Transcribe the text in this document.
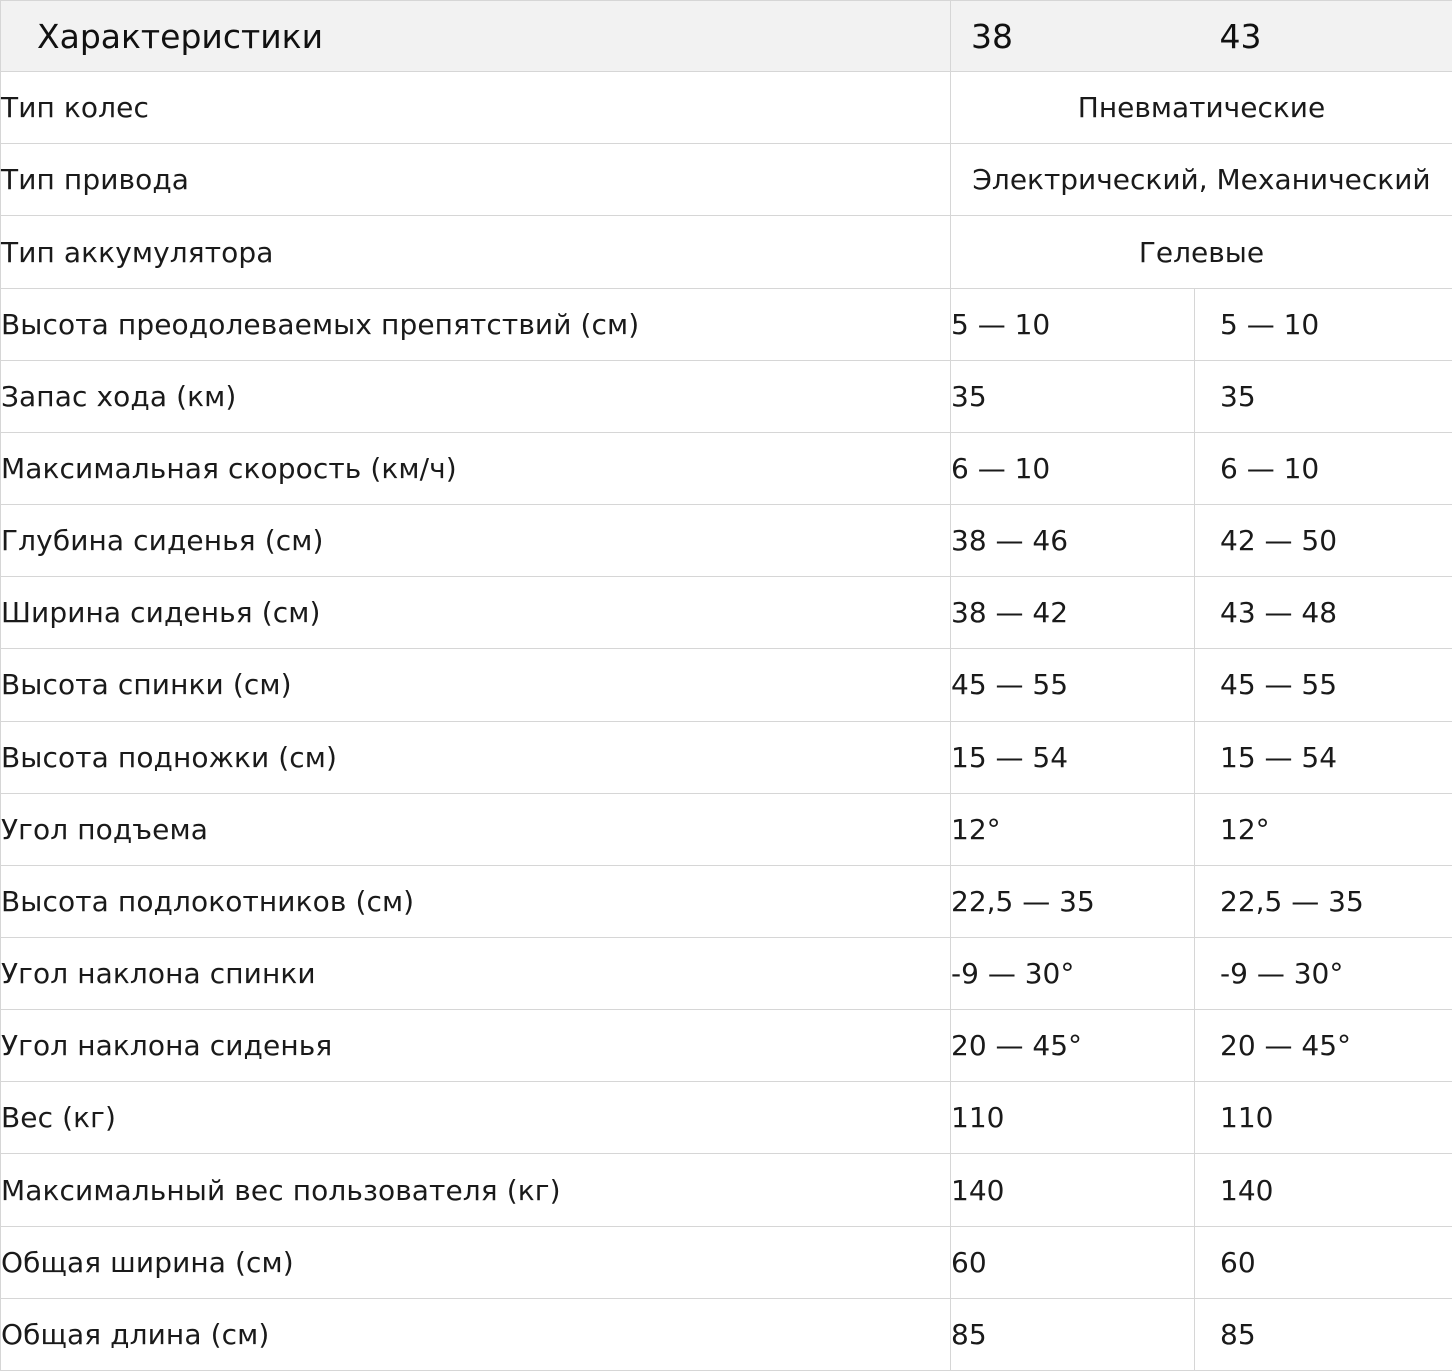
Характеристики	38	43
Тип колес	Пневматические	
Тип привода	Электрический, Механический	
Тип аккумулятора	Гелевые	
Высота преодолеваемых препятствий (см)	5 — 10	5 — 10
Запас хода (км)	35	35
Максимальная скорость (км/ч)	6 — 10	6 — 10
Глубина сиденья (см)	38 — 46	42 — 50
Ширина сиденья (см)	38 — 42	43 — 48
Высота спинки (см)	45 — 55	45 — 55
Высота подножки (см)	15 — 54	15 — 54
Угол подъема	12°	12°
Высота подлокотников (см)	22,5 — 35	22,5 — 35
Угол наклона спинки	-9 — 30°	-9 — 30°
Угол наклона сиденья	20 — 45°	20 — 45°
Вес (кг)	110	110
Максимальный вес пользователя (кг)	140	140
Общая ширина (см)	60	60
Общая длина (см)	85	85
